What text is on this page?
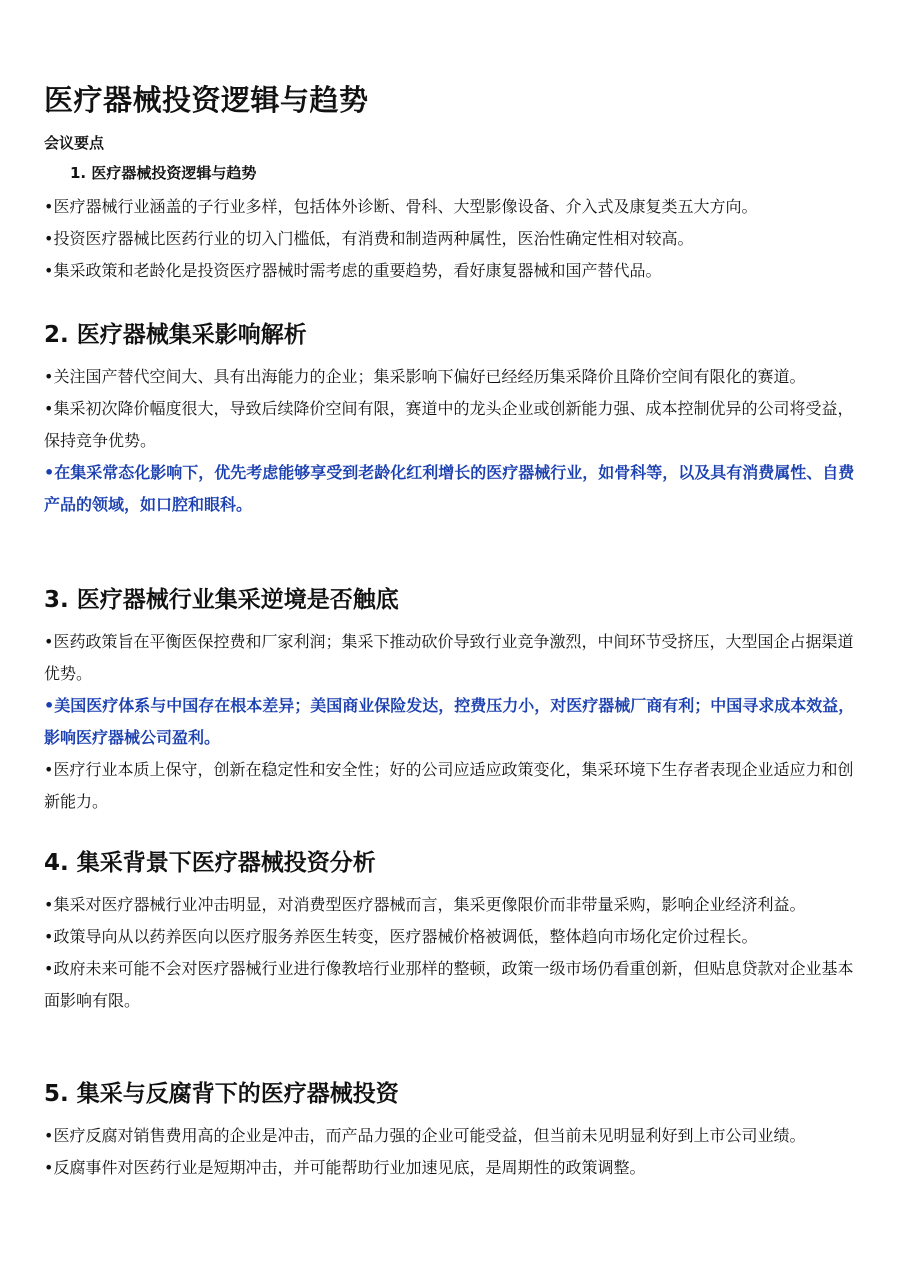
医疗器械投资逻辑与趋势
会议要点
1. 医疗器械投资逻辑与趋势

• 医疗器械行业涵盖的子行业多样，包括体外诊断、骨科、大型影像设备、介入式及康复类五大方向。

• 投资医疗器械比医药行业的切入门槛低，有消费和制造两种属性，医治性确定性相对较高。

• 集采政策和老龄化是投资医疗器械时需考虑的重要趋势，看好康复器械和国产替代品。

2. 医疗器械集采影响解析

• 关注国产替代空间大、具有出海能力的企业；集采影响下偏好已经经历集采降价且降价空间有限化的赛道。

• 集采初次降价幅度很大，导致后续降价空间有限，赛道中的龙头企业或创新能力强、成本控制优异的公司将受益，保持竞争优势。

• 在集采常态化影响下，优先考虑能够享受到老龄化红利增长的医疗器械行业，如骨科等，以及具有消费属性、自费产品的领域，如口腔和眼科。

3. 医疗器械行业集采逆境是否触底

• 医药政策旨在平衡医保控费和厂家利润；集采下推动砍价导致行业竞争激烈，中间环节受挤压，大型国企占据渠道优势。

• 美国医疗体系与中国存在根本差异；美国商业保险发达，控费压力小，对医疗器械厂商有利；中国寻求成本效益，影响医疗器械公司盈利。

• 医疗行业本质上保守，创新在稳定性和安全性；好的公司应适应政策变化，集采环境下生存者表现企业适应力和创新能力。

4. 集采背景下医疗器械投资分析

• 集采对医疗器械行业冲击明显，对消费型医疗器械而言，集采更像限价而非带量采购，影响企业经济利益。

• 政策导向从以药养医向以医疗服务养医生转变，医疗器械价格被调低，整体趋向市场化定价过程长。

• 政府未来可能不会对医疗器械行业进行像教培行业那样的整顿，政策一级市场仍看重创新，但贴息贷款对企业基本面影响有限。

5. 集采与反腐背下的医疗器械投资

• 医疗反腐对销售费用高的企业是冲击，而产品力强的企业可能受益，但当前未见明显利好到上市公司业绩。

• 反腐事件对医药行业是短期冲击，并可能帮助行业加速见底，是周期性的政策调整。
